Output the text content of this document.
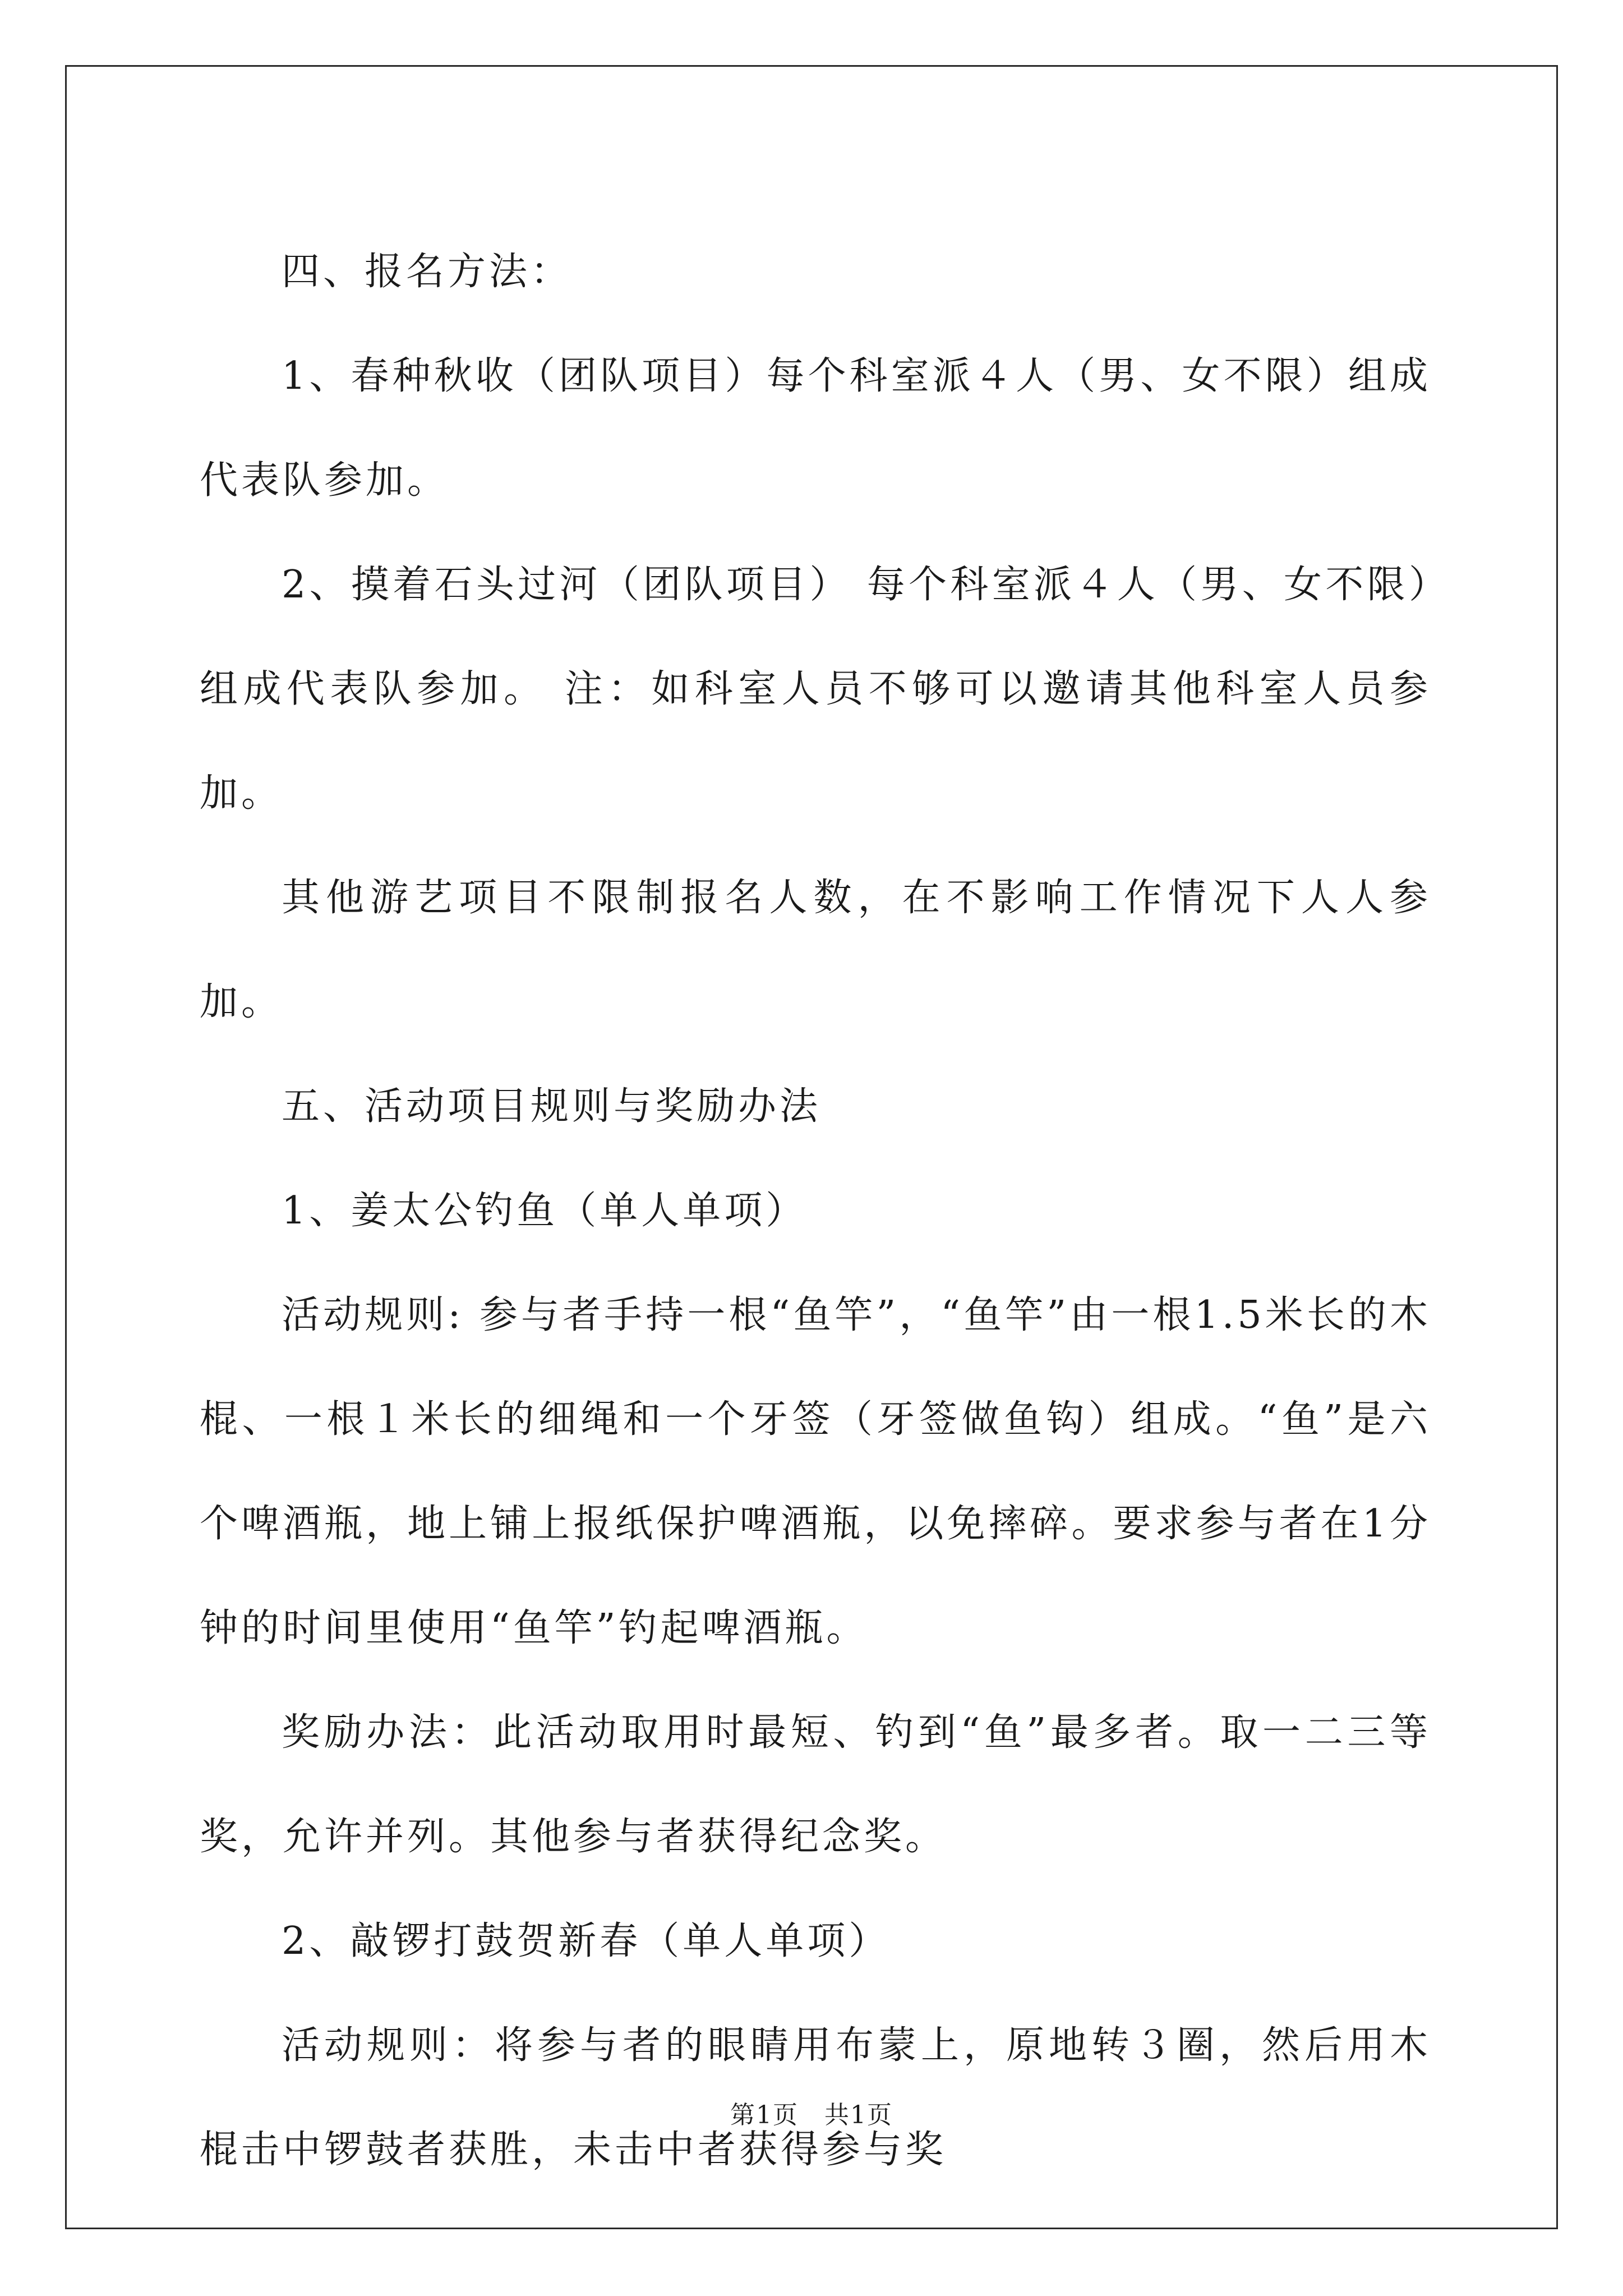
四、报名方法：

1、春种秋收（团队项目）每个科室派４人（男、女不限）组成代表队参加。

2、摸着石头过河（团队项目） 每个科室派４人（男、女不限）组成代表队参加。 注：如科室人员不够可以邀请其他科室人员参加。

其他游艺项目不限制报名人数，在不影响工作情况下人人参加。

五、活动项目规则与奖励办法

1、姜太公钓鱼（单人单项）

活动规则: 参与者手持一根“鱼竿”，“鱼竿”由一根1.5米长的木棍、一根１米长的细绳和一个牙签（牙签做鱼钩）组成。“鱼”是六个啤酒瓶，地上铺上报纸保护啤酒瓶，以免摔碎。要求参与者在1分钟的时间里使用“鱼竿”钓起啤酒瓶。

奖励办法：此活动取用时最短、钓到“鱼”最多者。取一二三等奖，允许并列。其他参与者获得纪念奖。

2、敲锣打鼓贺新春（单人单项）

活动规则：将参与者的眼睛用布蒙上，原地转３圈，然后用木棍击中锣鼓者获胜，未击中者获得参与奖

第1页　共1页
